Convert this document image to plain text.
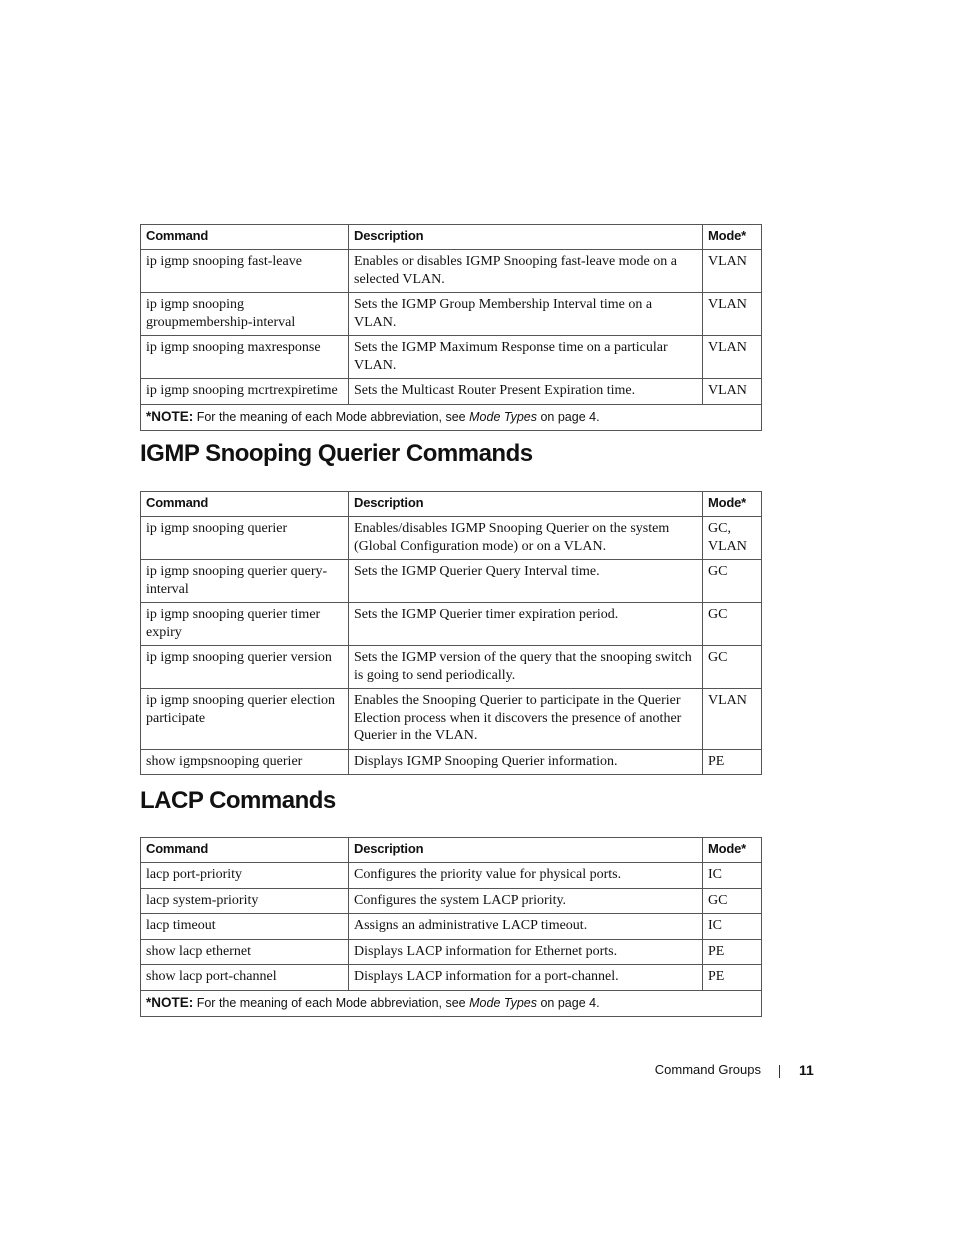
Command	Description	Mode*
ip igmp snooping fast-leave	Enables or disables IGMP Snooping fast-leave mode on a selected VLAN.	VLAN
ip igmp snooping groupmembership-interval	Sets the IGMP Group Membership Interval time on a VLAN.	VLAN
ip igmp snooping maxresponse	Sets the IGMP Maximum Response time on a particular VLAN.	VLAN
ip igmp snooping mcrtrexpiretime	Sets the Multicast Router Present Expiration time.	VLAN
*NOTE: For the meaning of each Mode abbreviation, see Mode Types on page 4.		
IGMP Snooping Querier Commands
Command	Description	Mode*
ip igmp snooping querier	Enables/disables IGMP Snooping Querier on the system (Global Configuration mode) or on a VLAN.	GC, VLAN
ip igmp snooping querier query-interval	Sets the IGMP Querier Query Interval time.	GC
ip igmp snooping querier timer expiry	Sets the IGMP Querier timer expiration period.	GC
ip igmp snooping querier version	Sets the IGMP version of the query that the snooping switch is going to send periodically.	GC
ip igmp snooping querier election participate	Enables the Snooping Querier to participate in the Querier Election process when it discovers the presence of another Querier in the VLAN.	VLAN
show igmpsnooping querier	Displays IGMP Snooping Querier information.	PE
LACP Commands
Command	Description	Mode*
lacp port-priority	Configures the priority value for physical ports.	IC
lacp system-priority	Configures the system LACP priority.	GC
lacp timeout	Assigns an administrative LACP timeout.	IC
show lacp ethernet	Displays LACP information for Ethernet ports.	PE
show lacp port-channel	Displays LACP information for a port-channel.	PE
*NOTE: For the meaning of each Mode abbreviation, see Mode Types on page 4.		
Command Groups	11
